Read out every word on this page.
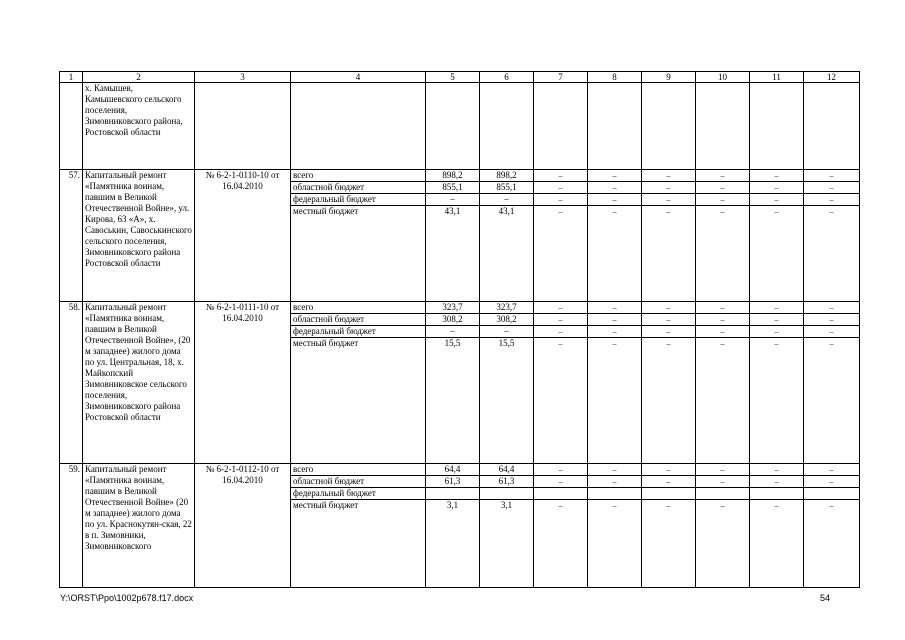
1	2	3	4	5	6	7	8	9	10	11	12
	х. Камышев, Камышевского сельского поселения, Зимовниковского района, Ростовской области										
57.	Капитальный ремонт «Памятника воинам, павшим в Великой Отечественной Войне», ул. Кирова, 63 «А», х. Савоськин, Савоськинского сельского поселения, Зимовниковского района Ростовской области	№ 6-2-1-0110-10 от 16.04.2010	всего	898,2	898,2	–	–	–	–	–	–
			областной бюджет	855,1	855,1	–	–	–	–	–	–
			федеральный бюджет	–	–	–	–	–	–	–	–
			местный бюджет	43,1	43,1	–	–	–	–	–	–
58.	Капитальный ремонт «Памятника воинам, павшим в Великой Отечественной Войне», (20 м западнее) жилого дома по ул. Центральная, 18, х. Майкопский Зимовниковское сельского поселения, Зимовниковского района Ростовской области	№ 6-2-1-0111-10 от 16.04.2010	всего	323,7	323,7	–	–	–	–	–	–
			областной бюджет	308,2	308,2	–	–	–	–	–	–
			федеральный бюджет	–	–	–	–	–	–	–	–
			местный бюджет	15,5	15,5	–	–	–	–	–	–
59.	Капитальный ремонт «Памятника воинам, павшим в Великой Отечественной Войне» (20 м западнее) жилого дома по ул. Краснокутян-ская, 22 в п. Зимовники, Зимовниковского	№ 6-2-1-0112-10 от 16.04.2010	всего	64,4	64,4	–	–	–	–	–	–
			областной бюджет	61,3	61,3	–	–	–	–	–	–
			федеральный бюджет								
			местный бюджет	3,1	3,1	–	–	–	–	–	–
Y:\ORST\Ppo\1002p678.f17.docx	54
